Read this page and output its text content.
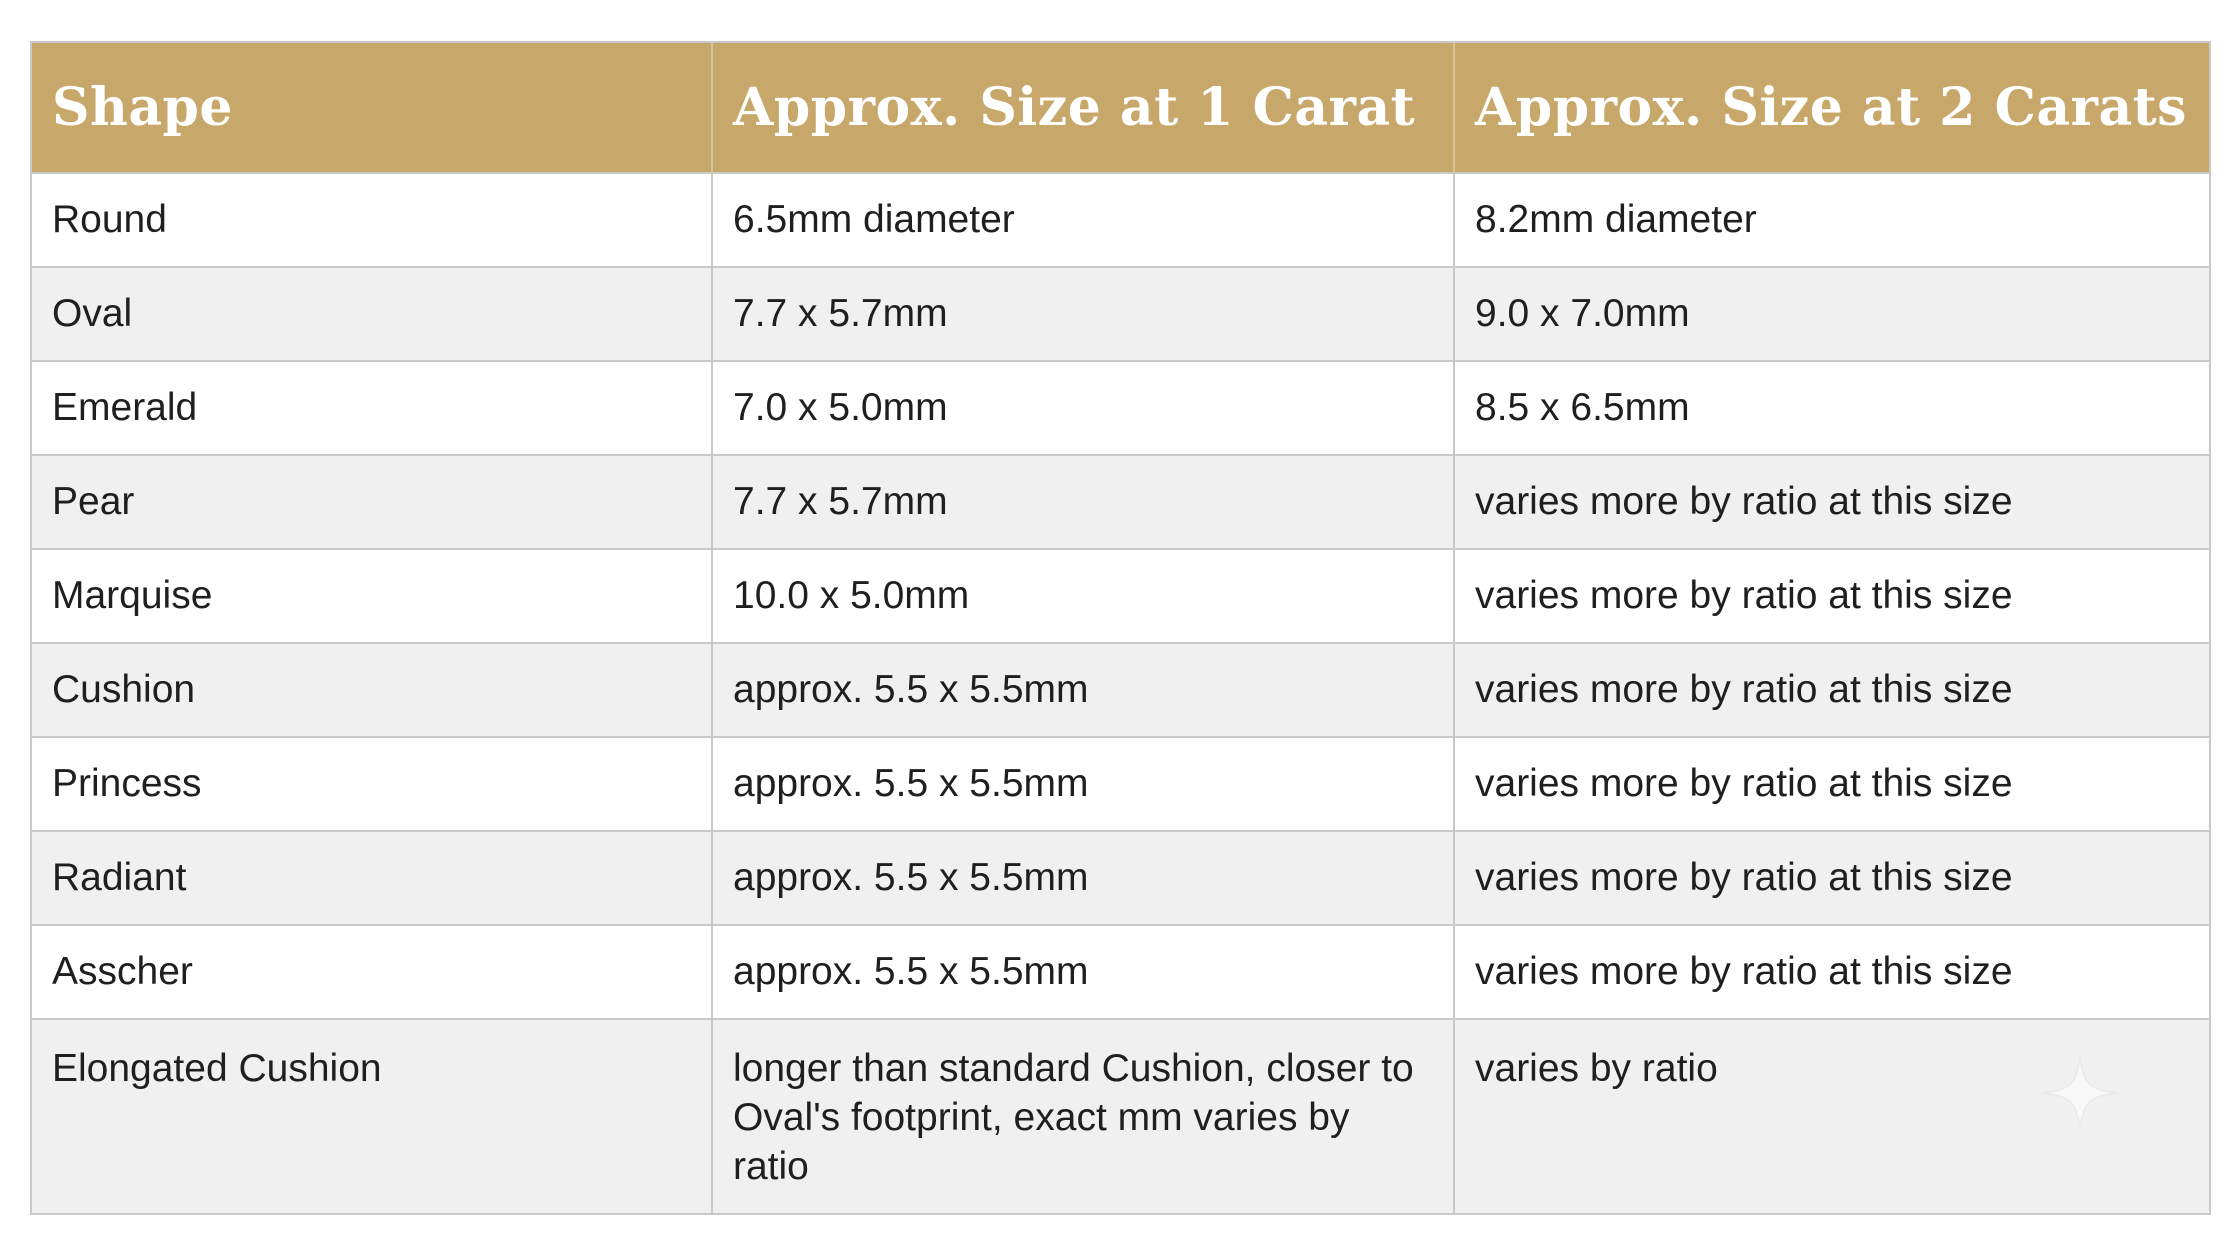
Shape	Approx. Size at 1 Carat	Approx. Size at 2 Carats
Round	6.5mm diameter	8.2mm diameter
Oval	7.7 x 5.7mm	9.0 x 7.0mm
Emerald	7.0 x 5.0mm	8.5 x 6.5mm
Pear	7.7 x 5.7mm	varies more by ratio at this size
Marquise	10.0 x 5.0mm	varies more by ratio at this size
Cushion	approx. 5.5 x 5.5mm	varies more by ratio at this size
Princess	approx. 5.5 x 5.5mm	varies more by ratio at this size
Radiant	approx. 5.5 x 5.5mm	varies more by ratio at this size
Asscher	approx. 5.5 x 5.5mm	varies more by ratio at this size
Elongated Cushion	longer than standard Cushion, closer to Oval's footprint, exact mm varies by ratio	varies by ratio
